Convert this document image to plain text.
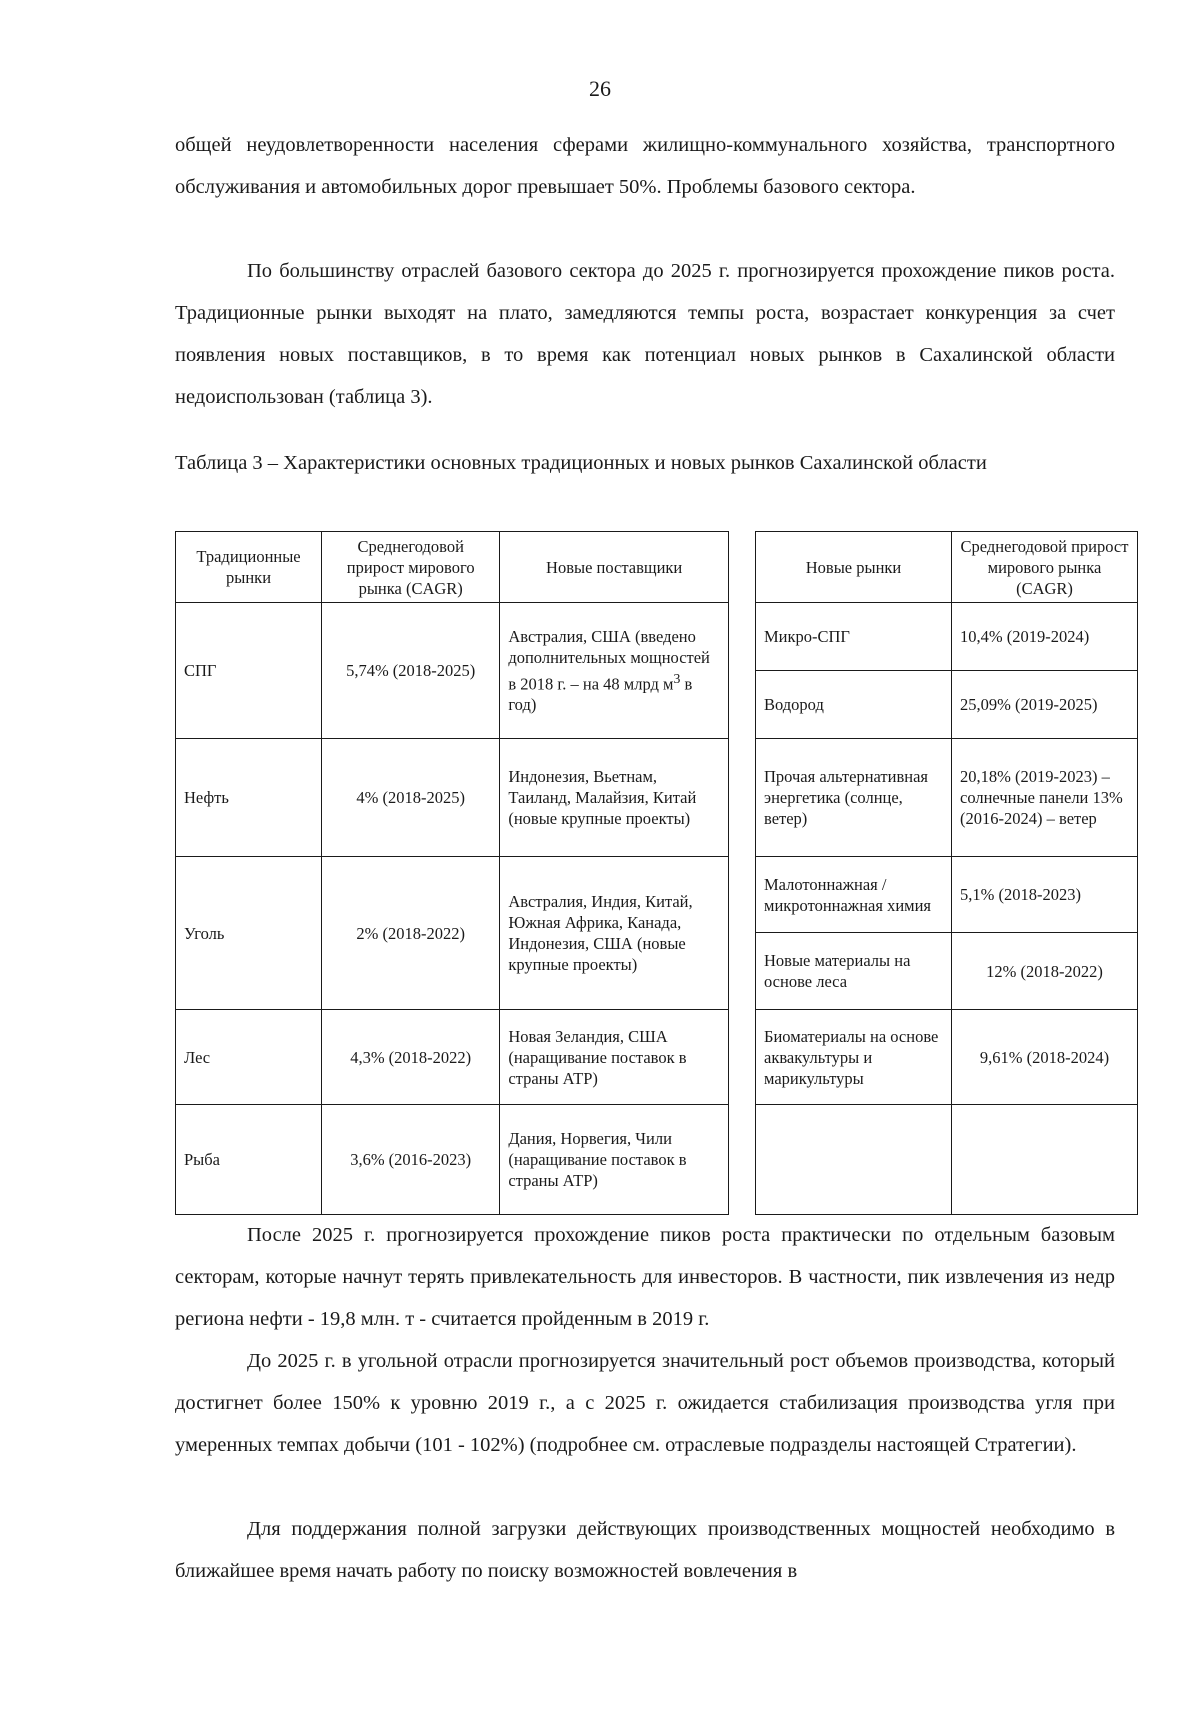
26
общей неудовлетворенности населения сферами жилищно-коммунального хозяйства, транспортного обслуживания и автомобильных дорог превышает 50%. Проблемы базового сектора.
По большинству отраслей базового сектора до 2025 г. прогнозируется прохождение пиков роста. Традиционные рынки выходят на плато, замедляются темпы роста, возрастает конкуренция за счет появления новых поставщиков, в то время как потенциал новых рынков в Сахалинской области недоиспользован (таблица 3).
Таблица 3 – Характеристики основных традиционных и новых рынков Сахалинской области
Традиционные рынки	Среднегодовой прирост мирового рынка (CAGR)	Новые поставщики
СПГ	5,74% (2018-2025)	Австралия, США (введено дополнительных мощностей в 2018 г. – на 48 млрд $м^3$ в год)
Нефть	4% (2018-2025)	Индонезия, Вьетнам, Таиланд, Малайзия, Китай (новые крупные проекты)
Уголь	2% (2018-2022)	Австралия, Индия, Китай, Южная Африка, Канада, Индонезия, США (новые крупные проекты)
Лес	4,3% (2018-2022)	Новая Зеландия, США (наращивание поставок в страны АТР)
Рыба	3,6% (2016-2023)	Дания, Норвегия, Чили (наращивание поставок в страны АТР)
Новые рынки	Среднегодовой прирост мирового рынка (CAGR)
Микро-СПГ	10,4% (2019-2024)
Водород	25,09% (2019-2025)
Прочая альтернативная энергетика (солнце, ветер)	20,18% (2019-2023) – солнечные панели 13% (2016-2024) – ветер
Малотоннажная / микротоннажная химия	5,1% (2018-2023)
Новые материалы на основе леса	12% (2018-2022)
Биоматериалы на основе аквакультуры и марикультуры	9,61% (2018-2024)

После 2025 г. прогнозируется прохождение пиков роста практически по отдельным базовым секторам, которые начнут терять привлекательность для инвесторов. В частности, пик извлечения из недр региона нефти - 19,8 млн. т - считается пройденным в 2019 г.
До 2025 г. в угольной отрасли прогнозируется значительный рост объемов производства, который достигнет более 150% к уровню 2019 г., а с 2025 г. ожидается стабилизация производства угля при умеренных темпах добычи (101 - 102%) (подробнее см. отраслевые подразделы настоящей Стратегии).
Для поддержания полной загрузки действующих производственных мощностей необходимо в ближайшее время начать работу по поиску возможностей вовлечения в
